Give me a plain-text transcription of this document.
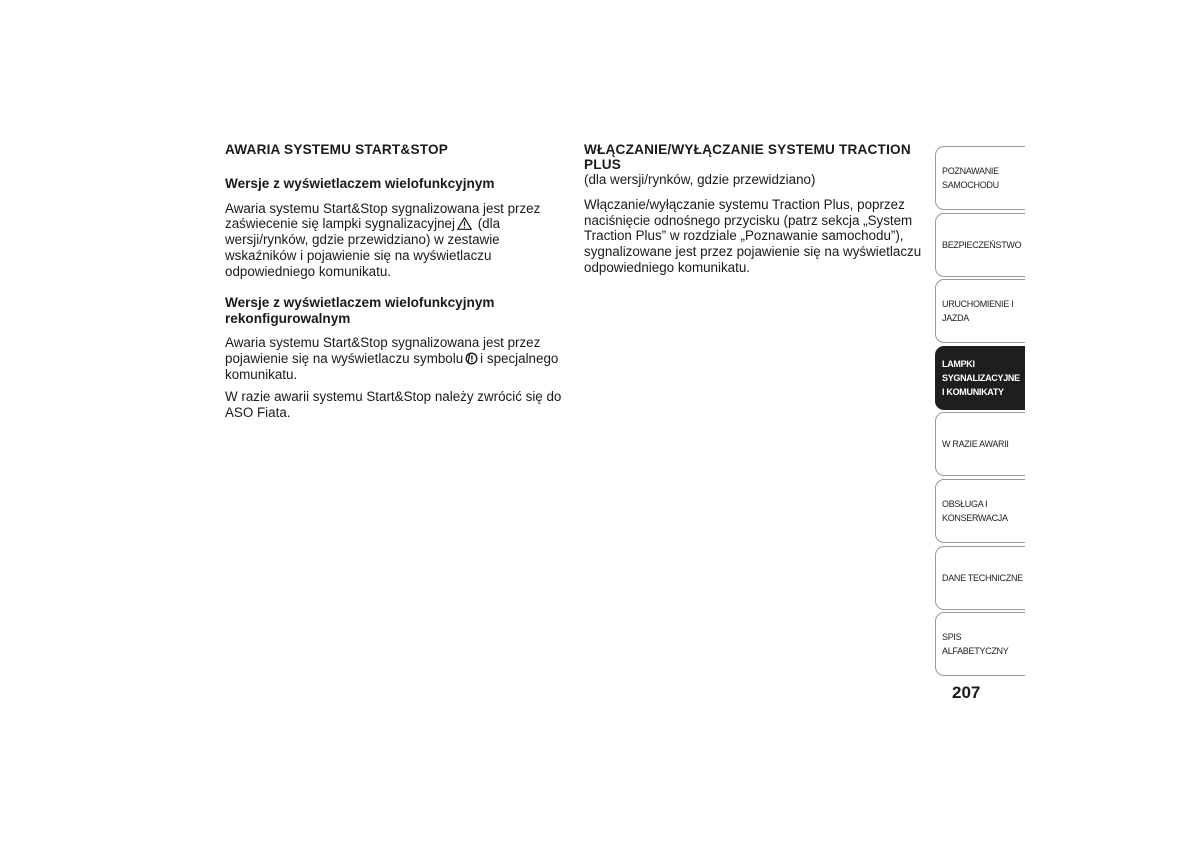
AWARIA SYSTEMU START&STOP
Wersje z wyświetlaczem wielofunkcyjnym

Awaria systemu Start&Stop sygnalizowana jest przez zaświecenie się lampki sygnalizacyjnej (dla wersji/rynków, gdzie przewidziano) w zestawie wskaźników i pojawienie się na wyświetlaczu odpowiedniego komunikatu.

Wersje z wyświetlaczem wielofunkcyjnym rekonfigurowalnym

Awaria systemu Start&Stop sygnalizowana jest przez pojawienie się na wyświetlaczu symbolu i specjalnego komunikatu.

W razie awarii systemu Start&Stop należy zwrócić się do ASO Fiata.

WŁĄCZANIE/WYŁĄCZANIE SYSTEMU TRACTION PLUS

(dla wersji/rynków, gdzie przewidziano)

Włączanie/wyłączanie systemu Traction Plus, poprzez naciśnięcie odnośnego przycisku (patrz sekcja „System Traction Plus” w rozdziale „Poznawanie samochodu”), sygnalizowane jest przez pojawienie się na wyświetlaczu odpowiedniego komunikatu.

POZNAWANIE
SAMOCHODU
BEZPIECZEŃSTWO
URUCHOMIENIE I
JAZDA
LAMPKI
SYGNALIZACYJNE
I KOMUNIKATY
W RAZIE AWARII
OBSŁUGA I
KONSERWACJA
DANE TECHNICZNE
SPIS ALFABETYCZNY
207
